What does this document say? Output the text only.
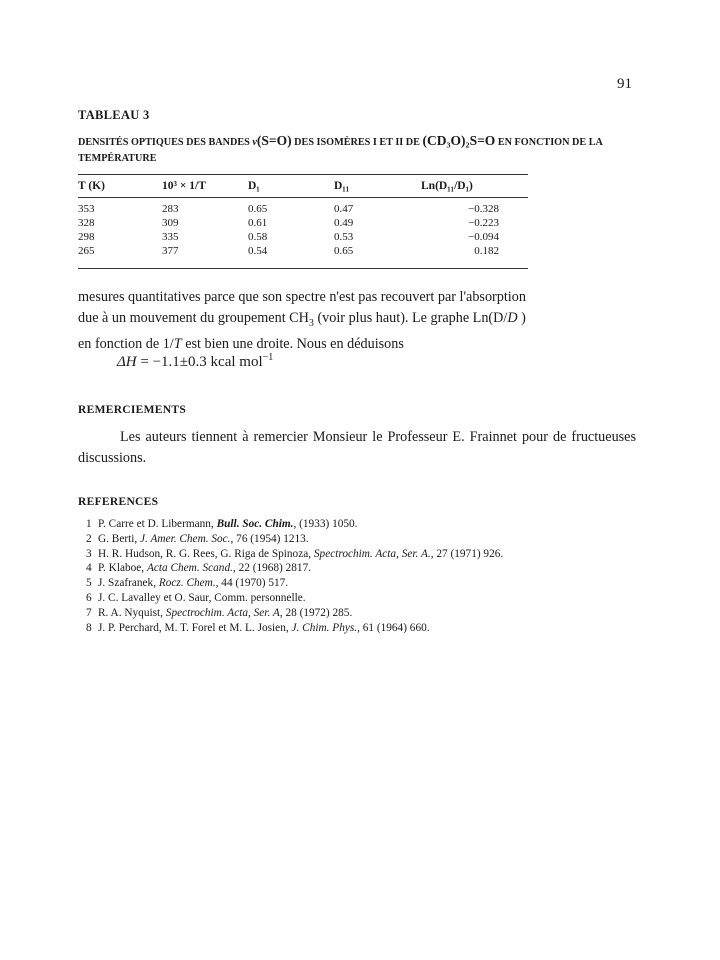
91
TABLEAU 3
DENSITÉS OPTIQUES DES BANDES ν(S=O) DES ISOMÈRES I ET II DE (CD₃O)₂S=O EN FONCTION DE LA TEMPÉRATURE
T (K)	10³ × 1/T	D₁	D₁₁	Ln(D₁₁/D₁)
353	283	0.65	0.47	−0.328
328	309	0.61	0.49	−0.223
298	335	0.58	0.53	−0.094
265	377	0.54	0.65	0.182

mesures quantitatives parce que son spectre n'est pas recouvert par l'absorption

due à un mouvement du groupement $CH_3$ (voir plus haut). Le graphe Ln(D/D )

en fonction de 1/T est bien une droite. Nous en déduisons

ΔH = −1.1±0.3 kcal mol$^{-1}$
REMERCIEMENTS
Les auteurs tiennent à remercier Monsieur le Professeur E. Frainnet pour de fructueuses discussions.
REFERENCES
1 P. Carre et D. Libermann, Bull. Soc. Chim., (1933) 1050.
2 G. Berti, J. Amer. Chem. Soc., 76 (1954) 1213.
3 H. R. Hudson, R. G. Rees, G. Riga de Spinoza, Spectrochim. Acta, Ser. A., 27 (1971) 926.
4 P. Klaboe, Acta Chem. Scand., 22 (1968) 2817.
5 J. Szafranek, Rocz. Chem., 44 (1970) 517.
6 J. C. Lavalley et O. Saur, Comm. personnelle.
7 R. A. Nyquist, Spectrochim. Acta, Ser. A, 28 (1972) 285.
8 J. P. Perchard, M. T. Forel et M. L. Josien, J. Chim. Phys., 61 (1964) 660.
